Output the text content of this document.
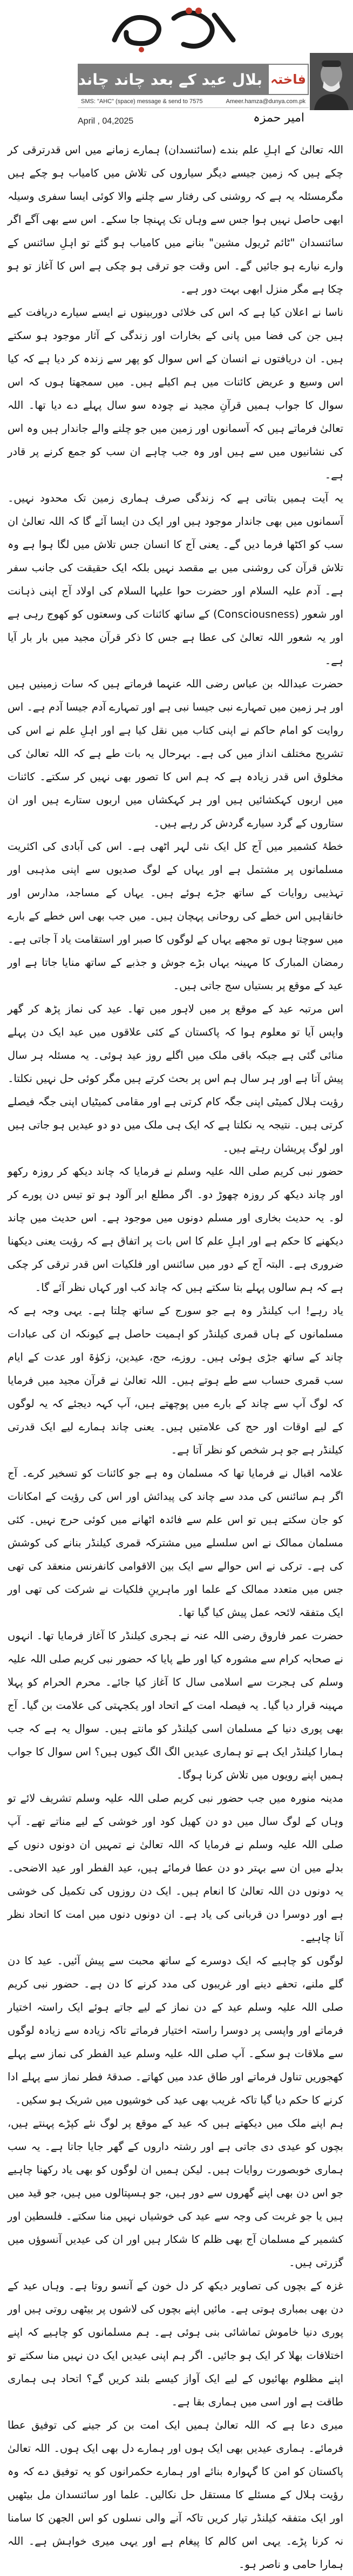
بلال عید کے بعد چاند چاند فاختہ
SMS: "AHC" (space) message & send to 7575	Ameer.hamza@dunya.com.pk
April , 04,2025	امیر حمزہ

اللہ تعالیٰ کے اہلِ علم بندے (سائنسدان) ہمارے زمانے میں اس قدرترقی کر چکے ہیں کہ زمین جیسے دیگر سیاروں کی تلاش میں کامیاب ہو چکے ہیں مگرمسئلہ یہ ہے کہ روشنی کی رفتار سے چلنے والا کوئی ایسا سفری وسیلہ ابھی حاصل نہیں ہوا جس سے وہاں تک پہنچا جا سکے۔ اس سے بھی آگے اگر سائنسدان "ٹائم ٹریول مشین" بنانے میں کامیاب ہو گئے تو اہلِ سائنس کے وارے نیارے ہو جائیں گے۔ اس وقت جو ترقی ہو چکی ہے اس کا آغاز تو ہو چکا ہے مگر منزل ابھی بہت دور ہے۔

ناسا نے اعلان کیا ہے کہ اس کی خلائی دوربینوں نے ایسے سیارے دریافت کیے ہیں جن کی فضا میں پانی کے بخارات اور زندگی کے آثار موجود ہو سکتے ہیں۔ ان دریافتوں نے انسان کے اس سوال کو پھر سے زندہ کر دیا ہے کہ کیا اس وسیع و عریض کائنات میں ہم اکیلے ہیں۔ میں سمجھتا ہوں کہ اس سوال کا جواب ہمیں قرآنِ مجید نے چودہ سو سال پہلے دے دیا تھا۔ اللہ تعالیٰ فرماتے ہیں کہ آسمانوں اور زمین میں جو چلنے والے جاندار ہیں وہ اس کی نشانیوں میں سے ہیں اور وہ جب چاہے ان سب کو جمع کرنے پر قادر ہے۔

یہ آیت ہمیں بتاتی ہے کہ زندگی صرف ہماری زمین تک محدود نہیں۔ آسمانوں میں بھی جاندار موجود ہیں اور ایک دن ایسا آئے گا کہ اللہ تعالیٰ ان سب کو اکٹھا فرما دیں گے۔ یعنی آج کا انسان جس تلاش میں لگا ہوا ہے وہ تلاش قرآن کی روشنی میں بے مقصد نہیں بلکہ ایک حقیقت کی جانب سفر ہے۔ آدم علیہ السلام اور حضرت حوا علیہا السلام کی اولاد آج اپنی ذہانت اور شعور (Consciousness) کے ساتھ کائنات کی وسعتوں کو کھوج رہی ہے اور یہ شعور اللہ تعالیٰ کی عطا ہے جس کا ذکر قرآن مجید میں بار بار آیا ہے۔

حضرت عبداللہ بن عباس رضی اللہ عنہما فرماتے ہیں کہ سات زمینیں ہیں اور ہر زمین میں تمہارے نبی جیسا نبی ہے اور تمہارے آدم جیسا آدم ہے۔ اس روایت کو امام حاکم نے اپنی کتاب میں نقل کیا ہے اور اہلِ علم نے اس کی تشریح مختلف انداز میں کی ہے۔ بہرحال یہ بات طے ہے کہ اللہ تعالیٰ کی مخلوق اس قدر زیادہ ہے کہ ہم اس کا تصور بھی نہیں کر سکتے۔ کائنات میں اربوں کہکشائیں ہیں اور ہر کہکشاں میں اربوں ستارے ہیں اور ان ستاروں کے گرد سیارے گردش کر رہے ہیں۔

خطۂ کشمیر میں آج کل ایک نئی لہر اٹھی ہے۔ اس کی آبادی کی اکثریت مسلمانوں پر مشتمل ہے اور یہاں کے لوگ صدیوں سے اپنی مذہبی اور تہذیبی روایات کے ساتھ جڑے ہوئے ہیں۔ یہاں کے مساجد، مدارس اور خانقاہیں اس خطے کی روحانی پہچان ہیں۔ میں جب بھی اس خطے کے بارے میں سوچتا ہوں تو مجھے یہاں کے لوگوں کا صبر اور استقامت یاد آ جاتی ہے۔ رمضان المبارک کا مہینہ یہاں بڑے جوش و جذبے کے ساتھ منایا جاتا ہے اور عید کے موقع پر بستیاں سج جاتی ہیں۔

اس مرتبہ عید کے موقع پر میں لاہور میں تھا۔ عید کی نماز پڑھ کر گھر واپس آیا تو معلوم ہوا کہ پاکستان کے کئی علاقوں میں عید ایک دن پہلے منائی گئی ہے جبکہ باقی ملک میں اگلے روز عید ہوئی۔ یہ مسئلہ ہر سال پیش آتا ہے اور ہر سال ہم اس پر بحث کرتے ہیں مگر کوئی حل نہیں نکلتا۔ رؤیت ہلال کمیٹی اپنی جگہ کام کرتی ہے اور مقامی کمیٹیاں اپنی جگہ فیصلے کرتی ہیں۔ نتیجہ یہ نکلتا ہے کہ ایک ہی ملک میں دو دو عیدیں ہو جاتی ہیں اور لوگ پریشان رہتے ہیں۔

حضور نبی کریم صلی اللہ علیہ وسلم نے فرمایا کہ چاند دیکھ کر روزہ رکھو اور چاند دیکھ کر روزہ چھوڑ دو۔ اگر مطلع ابر آلود ہو تو تیس دن پورے کر لو۔ یہ حدیث بخاری اور مسلم دونوں میں موجود ہے۔ اس حدیث میں چاند دیکھنے کا حکم ہے اور اہلِ علم کا اس بات پر اتفاق ہے کہ رؤیت یعنی دیکھنا ضروری ہے۔ البتہ آج کے دور میں سائنس اور فلکیات اس قدر ترقی کر چکی ہے کہ ہم سالوں پہلے بتا سکتے ہیں کہ چاند کب اور کہاں نظر آئے گا۔

یاد رہے! اب کیلنڈر وہ ہے جو سورج کے ساتھ چلتا ہے۔ یہی وجہ ہے کہ مسلمانوں کے ہاں قمری کیلنڈر کو اہمیت حاصل ہے کیونکہ ان کی عبادات چاند کے ساتھ جڑی ہوئی ہیں۔ روزے، حج، عیدین، زکوٰۃ اور عدت کے ایام سب قمری حساب سے طے ہوتے ہیں۔ اللہ تعالیٰ نے قرآن مجید میں فرمایا کہ لوگ آپ سے چاند کے بارے میں پوچھتے ہیں، آپ کہہ دیجئے کہ یہ لوگوں کے لیے اوقات اور حج کی علامتیں ہیں۔ یعنی چاند ہمارے لیے ایک قدرتی کیلنڈر ہے جو ہر شخص کو نظر آتا ہے۔

علامہ اقبال نے فرمایا تھا کہ مسلمان وہ ہے جو کائنات کو تسخیر کرے۔ آج اگر ہم سائنس کی مدد سے چاند کی پیدائش اور اس کی رؤیت کے امکانات کو جان سکتے ہیں تو اس علم سے فائدہ اٹھانے میں کوئی حرج نہیں۔ کئی مسلمان ممالک نے اس سلسلے میں مشترکہ قمری کیلنڈر بنانے کی کوشش کی ہے۔ ترکی نے اس حوالے سے ایک بین الاقوامی کانفرنس منعقد کی تھی جس میں متعدد ممالک کے علما اور ماہرینِ فلکیات نے شرکت کی تھی اور ایک متفقہ لائحہ عمل پیش کیا گیا تھا۔

حضرت عمر فاروق رضی اللہ عنہ نے ہجری کیلنڈر کا آغاز فرمایا تھا۔ انہوں نے صحابہ کرام سے مشورہ کیا اور طے پایا کہ حضور نبی کریم صلی اللہ علیہ وسلم کی ہجرت سے اسلامی سال کا آغاز کیا جائے۔ محرم الحرام کو پہلا مہینہ قرار دیا گیا۔ یہ فیصلہ امت کے اتحاد اور یکجہتی کی علامت بن گیا۔ آج بھی پوری دنیا کے مسلمان اسی کیلنڈر کو مانتے ہیں۔ سوال یہ ہے کہ جب ہمارا کیلنڈر ایک ہے تو ہماری عیدیں الگ الگ کیوں ہیں؟ اس سوال کا جواب ہمیں اپنے رویوں میں تلاش کرنا ہوگا۔

مدینہ منورہ میں جب حضور نبی کریم صلی اللہ علیہ وسلم تشریف لائے تو وہاں کے لوگ سال میں دو دن کھیل کود اور خوشی کے لیے مناتے تھے۔ آپ صلی اللہ علیہ وسلم نے فرمایا کہ اللہ تعالیٰ نے تمہیں ان دونوں دنوں کے بدلے میں ان سے بہتر دو دن عطا فرمائے ہیں، عید الفطر اور عید الاضحی۔ یہ دونوں دن اللہ تعالیٰ کا انعام ہیں۔ ایک دن روزوں کی تکمیل کی خوشی ہے اور دوسرا دن قربانی کی یاد ہے۔ ان دونوں دنوں میں امت کا اتحاد نظر آنا چاہیے۔

لوگوں کو چاہیے کہ ایک دوسرے کے ساتھ محبت سے پیش آئیں۔ عید کا دن گلے ملنے، تحفے دینے اور غریبوں کی مدد کرنے کا دن ہے۔ حضور نبی کریم صلی اللہ علیہ وسلم عید کے دن نماز کے لیے جاتے ہوئے ایک راستہ اختیار فرماتے اور واپسی پر دوسرا راستہ اختیار فرماتے تاکہ زیادہ سے زیادہ لوگوں سے ملاقات ہو سکے۔ آپ صلی اللہ علیہ وسلم عید الفطر کی نماز سے پہلے کھجوریں تناول فرماتے اور طاق عدد میں کھاتے۔ صدقۂ فطر نماز سے پہلے ادا کرنے کا حکم دیا گیا تاکہ غریب بھی عید کی خوشیوں میں شریک ہو سکیں۔

ہم اپنے ملک میں دیکھتے ہیں کہ عید کے موقع پر لوگ نئے کپڑے پہنتے ہیں، بچوں کو عیدی دی جاتی ہے اور رشتہ داروں کے گھر جایا جاتا ہے۔ یہ سب ہماری خوبصورت روایات ہیں۔ لیکن ہمیں ان لوگوں کو بھی یاد رکھنا چاہیے جو اس دن بھی اپنے گھروں سے دور ہیں، جو ہسپتالوں میں ہیں، جو قید میں ہیں یا جو غربت کی وجہ سے عید کی خوشیاں نہیں منا سکتے۔ فلسطین اور کشمیر کے مسلمان آج بھی ظلم کا شکار ہیں اور ان کی عیدیں آنسوؤں میں گزرتی ہیں۔

غزہ کے بچوں کی تصاویر دیکھ کر دل خون کے آنسو روتا ہے۔ وہاں عید کے دن بھی بمباری ہوتی ہے۔ مائیں اپنے بچوں کی لاشوں پر بیٹھی روتی ہیں اور پوری دنیا خاموش تماشائی بنی ہوئی ہے۔ ہم مسلمانوں کو چاہیے کہ اپنے اختلافات بھلا کر ایک ہو جائیں۔ اگر ہم اپنی عیدیں ایک دن نہیں منا سکتے تو اپنے مظلوم بھائیوں کے لیے ایک آواز کیسے بلند کریں گے؟ اتحاد ہی ہماری طاقت ہے اور اسی میں ہماری بقا ہے۔

میری دعا ہے کہ اللہ تعالیٰ ہمیں ایک امت بن کر جینے کی توفیق عطا فرمائے۔ ہماری عیدیں بھی ایک ہوں اور ہمارے دل بھی ایک ہوں۔ اللہ تعالیٰ پاکستان کو امن کا گہوارہ بنائے اور ہمارے حکمرانوں کو یہ توفیق دے کہ وہ رؤیت ہلال کے مسئلے کا مستقل حل نکالیں۔ علما اور سائنسدان مل بیٹھیں اور ایک متفقہ کیلنڈر تیار کریں تاکہ آنے والی نسلوں کو اس الجھن کا سامنا نہ کرنا پڑے۔ یہی اس کالم کا پیغام ہے اور یہی میری خواہش ہے۔ اللہ ہمارا حامی و ناصر ہو۔
